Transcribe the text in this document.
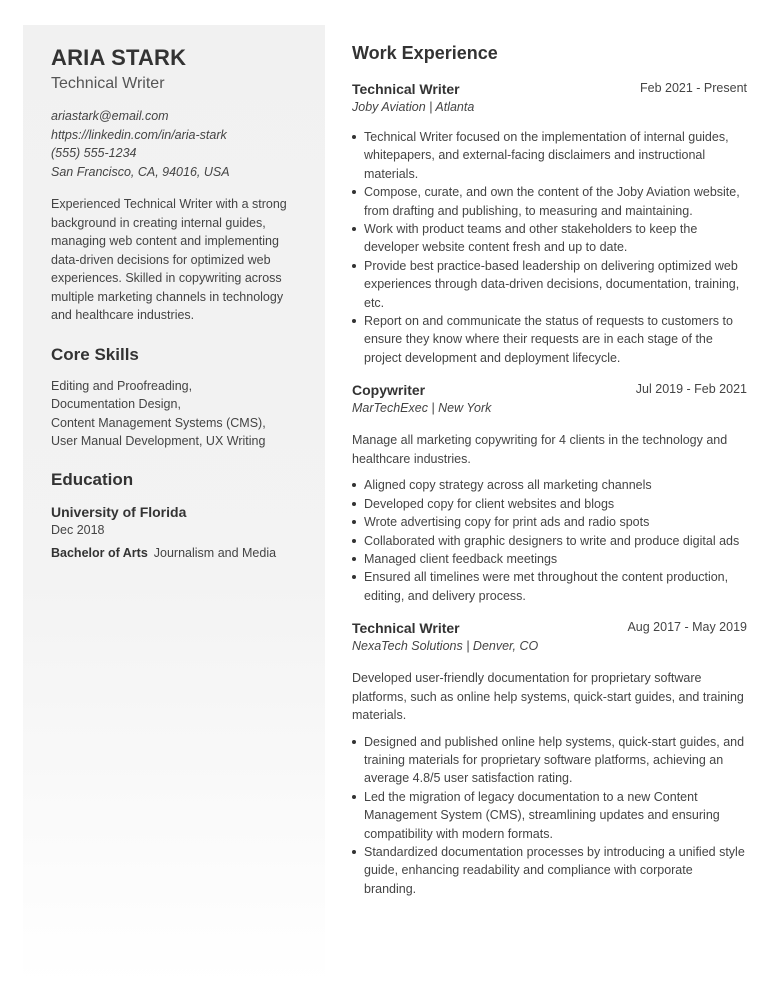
ARIA STARK
Technical Writer
ariastark@email.com
https://linkedin.com/in/aria-stark
(555) 555-1234
San Francisco, CA, 94016, USA

Experienced Technical Writer with a strong background in creating internal guides, managing web content and implementing data-driven decisions for optimized web experiences. Skilled in copywriting across multiple marketing channels in technology and healthcare industries.

Core Skills
Editing and Proofreading,
Documentation Design,
Content Management Systems (CMS),
User Manual Development, UX Writing
Education
University of Florida
Dec 2018
Bachelor of Arts Journalism and Media
Work Experience
Technical Writer	Feb 2021 - Present
Joby Aviation | Atlanta
Technical Writer focused on the implementation of internal guides, whitepapers, and external-facing disclaimers and instructional materials.
Compose, curate, and own the content of the Joby Aviation website, from drafting and publishing, to measuring and maintaining.
Work with product teams and other stakeholders to keep the developer website content fresh and up to date.
Provide best practice-based leadership on delivering optimized web experiences through data-driven decisions, documentation, training, etc.
Report on and communicate the status of requests to customers to ensure they know where their requests are in each stage of the project development and deployment lifecycle.
Copywriter	Jul 2019 - Feb 2021
MarTechExec | New York

Manage all marketing copywriting for 4 clients in the technology and healthcare industries.

Aligned copy strategy across all marketing channels
Developed copy for client websites and blogs
Wrote advertising copy for print ads and radio spots
Collaborated with graphic designers to write and produce digital ads
Managed client feedback meetings
Ensured all timelines were met throughout the content production, editing, and delivery process.
Technical Writer	Aug 2017 - May 2019
NexaTech Solutions | Denver, CO

Developed user-friendly documentation for proprietary software platforms, such as online help systems, quick-start guides, and training materials.

Designed and published online help systems, quick-start guides, and training materials for proprietary software platforms, achieving an average 4.8/5 user satisfaction rating.
Led the migration of legacy documentation to a new Content Management System (CMS), streamlining updates and ensuring compatibility with modern formats.
Standardized documentation processes by introducing a unified style guide, enhancing readability and compliance with corporate branding.
